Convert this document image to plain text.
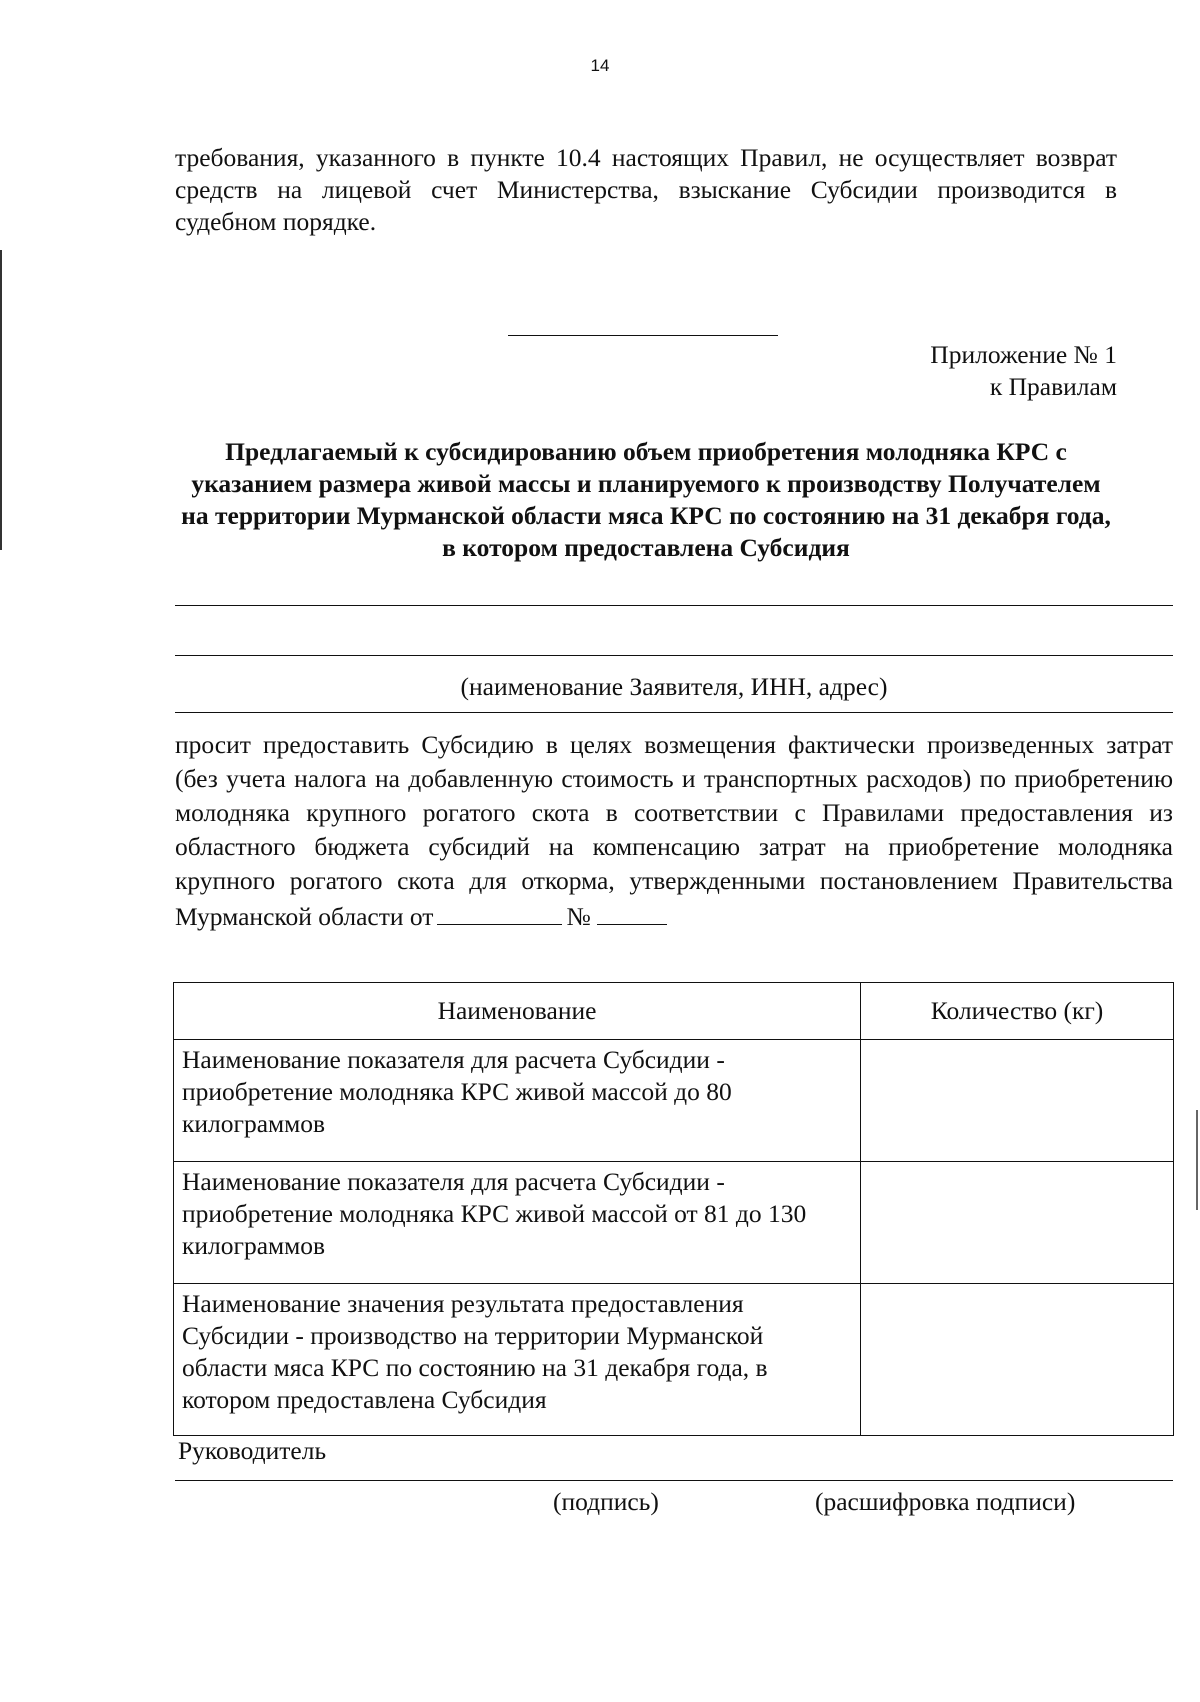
14

требования, указанного в пункте 10.4 настоящих Правил, не осуществляет возврат средств на лицевой счет Министерства, взыскание Субсидии производится в судебном порядке.

Приложение № 1
к Правилам
Предлагаемый к субсидированию объем приобретения молодняка КРС с указанием размера живой массы и планируемого к производству Получателем на территории Мурманской области мяса КРС по состоянию на 31 декабря года, в котором предоставлена Субсидия
(наименование Заявителя, ИНН, адрес)
просит предоставить Субсидию в целях возмещения фактически произведенных затрат (без учета налога на добавленную стоимость и транспортных расходов) по приобретению молодняка крупного рогатого скота в соответствии с Правилами предоставления из областного бюджета субсидий на компенсацию затрат на приобретение молодняка крупного рогатого скота для откорма, утвержденными постановлением Правительства Мурманской области от	№
Наименование	Количество (кг)
Наименование показателя для расчета Субсидии - приобретение молодняка КРС живой массой до 80 килограммов	
Наименование показателя для расчета Субсидии - приобретение молодняка КРС живой массой от 81 до 130 килограммов	
Наименование значения результата предоставления Субсидии - производство на территории Мурманской области мяса КРС по состоянию на 31 декабря года, в котором предоставлена Субсидия	
Руководитель
(подпись)	(расшифровка подписи)
